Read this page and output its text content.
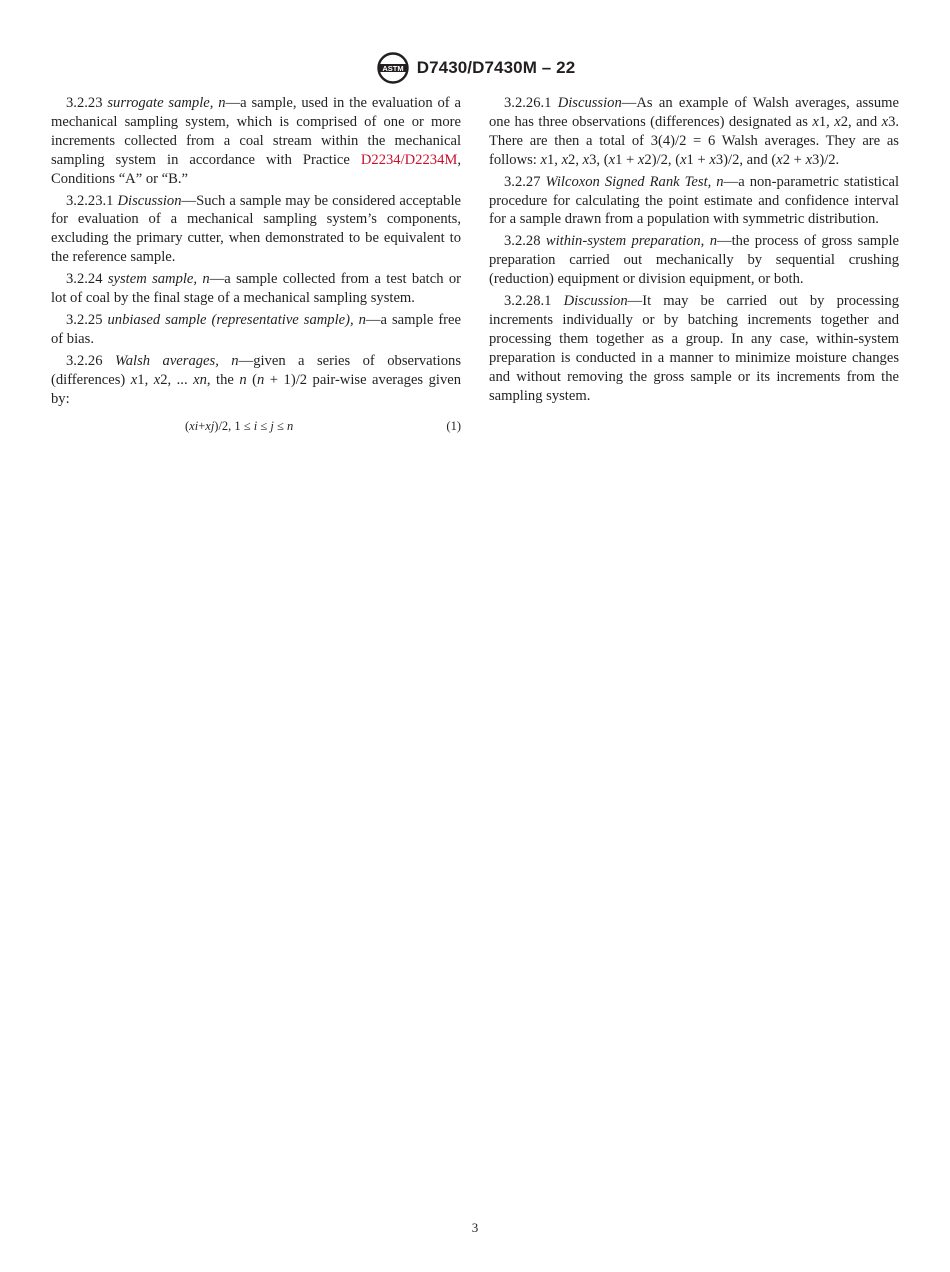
ASTM D7430/D7430M – 22

3.2.23 surrogate sample, n—a sample, used in the evaluation of a mechanical sampling system, which is comprised of one or more increments collected from a coal stream within the mechanical sampling system in accordance with Practice D2234/D2234M, Conditions “A” or “B.”

3.2.23.1 Discussion—Such a sample may be considered acceptable for evaluation of a mechanical sampling system’s components, excluding the primary cutter, when demonstrated to be equivalent to the reference sample.

3.2.24 system sample, n—a sample collected from a test batch or lot of coal by the final stage of a mechanical sampling system.

3.2.25 unbiased sample (representative sample), n—a sample free of bias.

3.2.26 Walsh averages, n—given a series of observations (differences) x1, x2, ... xn, the n (n + 1)/2 pair-wise averages given by:

(xi+xj)/2, 1 ≤ i ≤ j ≤ n	(1)

3.2.26.1 Discussion—As an example of Walsh averages, assume one has three observations (differences) designated as x1, x2, and x3. There are then a total of 3(4)/2 = 6 Walsh averages. They are as follows: x1, x2, x3, (x1 + x2)/2, (x1 + x3)/2, and (x2 + x3)/2.

3.2.27 Wilcoxon Signed Rank Test, n—a non-parametric statistical procedure for calculating the point estimate and confidence interval for a sample drawn from a population with symmetric distribution.

3.2.28 within-system preparation, n—the process of gross sample preparation carried out mechanically by sequential crushing (reduction) equipment or division equipment, or both.

3.2.28.1 Discussion—It may be carried out by processing increments individually or by batching increments together and processing them together as a group. In any case, within-system preparation is conducted in a manner to minimize moisture changes and without removing the gross sample or its increments from the sampling system.

3
